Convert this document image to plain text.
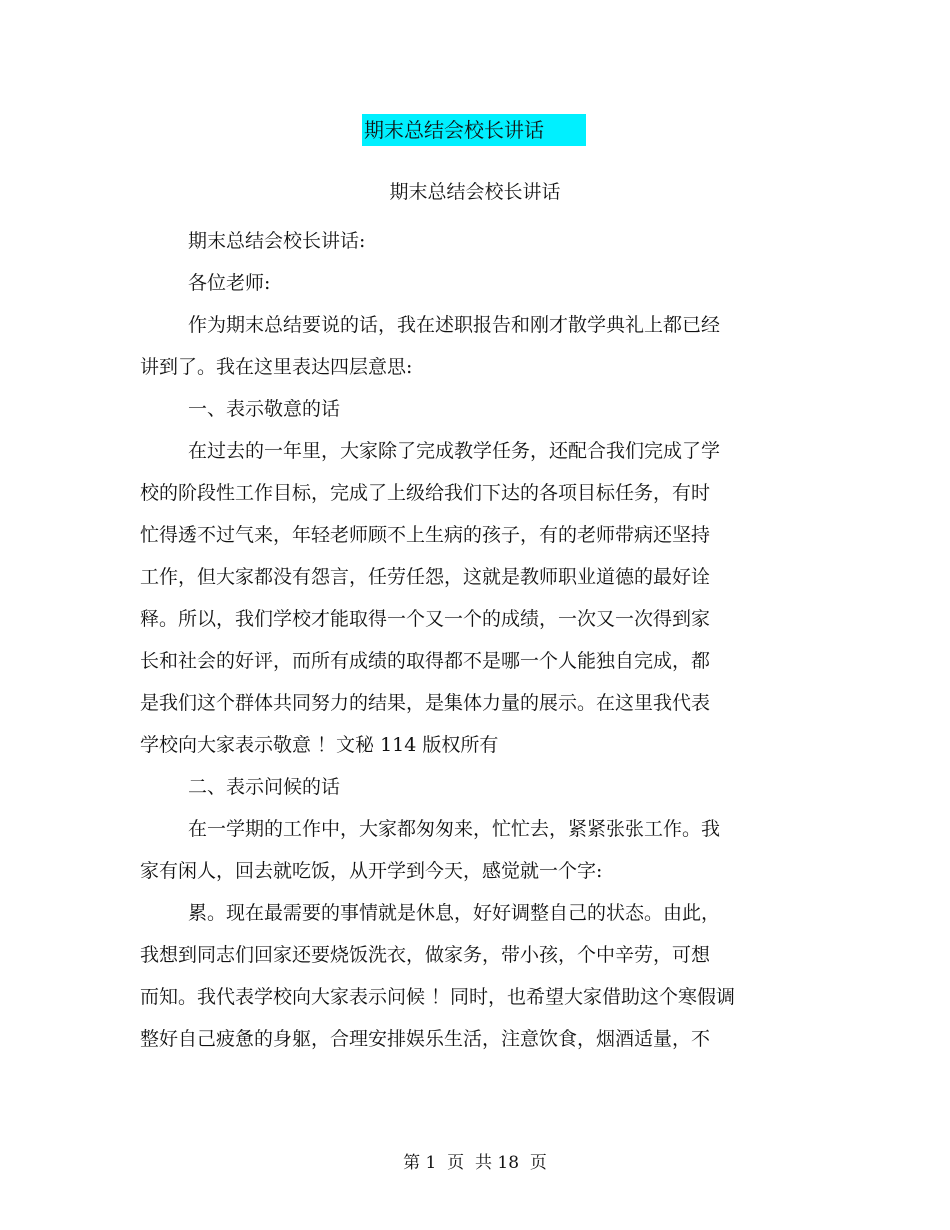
期末总结会校长讲话
期末总结会校长讲话
期末总结会校长讲话:
各位老师:
作为期末总结要说的话，我在述职报告和刚才散学典礼上都已经
讲到了。我在这里表达四层意思:
一、表示敬意的话
在过去的一年里，大家除了完成教学任务，还配合我们完成了学
校的阶段性工作目标，完成了上级给我们下达的各项目标任务，有时
忙得透不过气来，年轻老师顾不上生病的孩子，有的老师带病还坚持
工作，但大家都没有怨言，任劳任怨，这就是教师职业道德的最好诠
释。所以，我们学校才能取得一个又一个的成绩，一次又一次得到家
长和社会的好评，而所有成绩的取得都不是哪一个人能独自完成，都
是我们这个群体共同努力的结果，是集体力量的展示。在这里我代表
学校向大家表示敬意 ！文秘 114 版权所有
二、表示问候的话
在一学期的工作中，大家都匆匆来，忙忙去，紧紧张张工作。我
家有闲人，回去就吃饭，从开学到今天，感觉就一个字:
累。现在最需要的事情就是休息，好好调整自己的状态。由此，
我想到同志们回家还要烧饭洗衣，做家务，带小孩，个中辛劳，可想
而知。我代表学校向大家表示问候 ！同时，也希望大家借助这个寒假调
整好自己疲惫的身躯，合理安排娱乐生活，注意饮食，烟酒适量，不
第 1  页  共 18  页
